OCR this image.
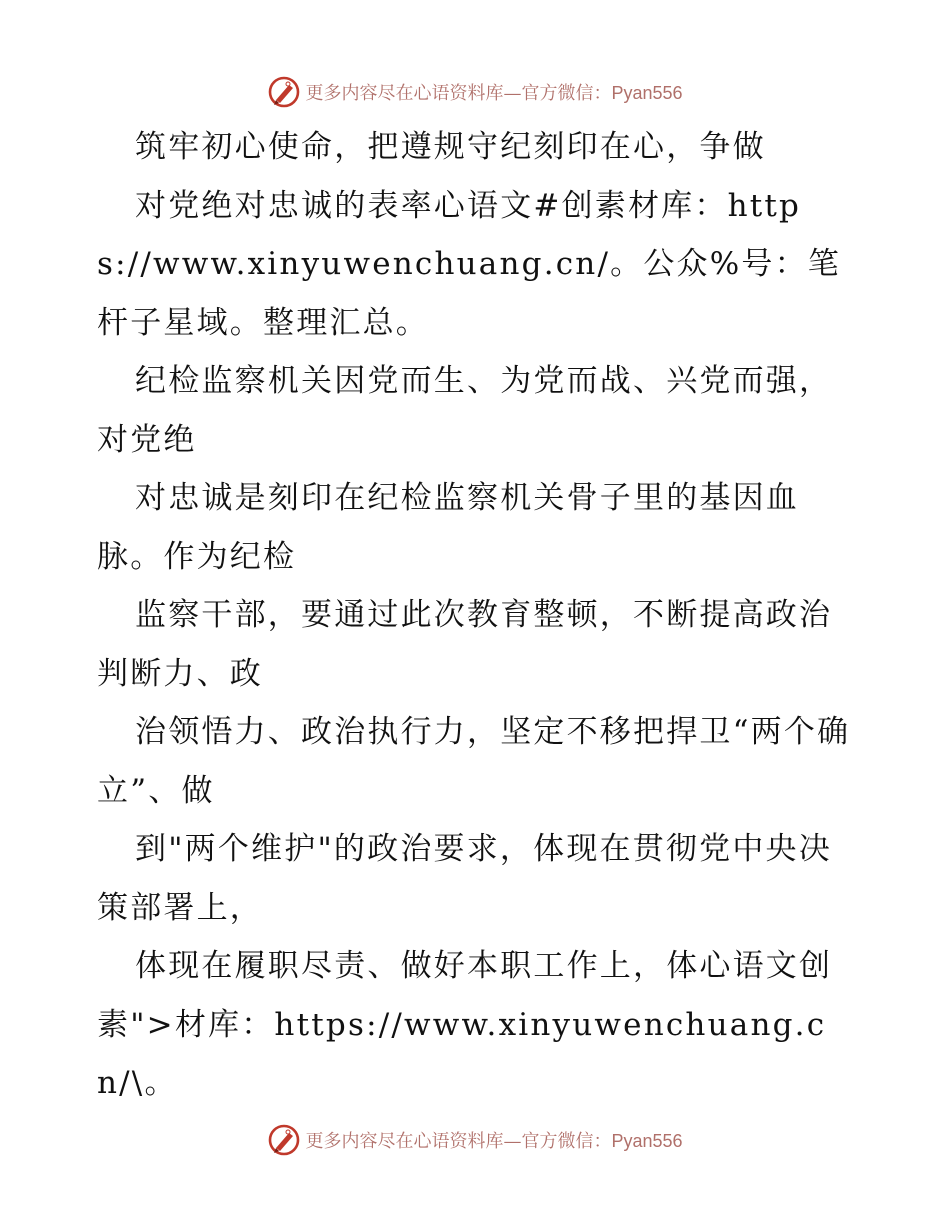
更多内容尽在心语资料库—官方微信：Pyan556

筑牢初心使命，把遵规守纪刻印在心，争做

对党绝对忠诚的表率心语文#创素材库：https://www.xinyuwenchuang.cn/。公众%号：笔杆子星域。整理汇总。

纪检监察机关因党而生、为党而战、兴党而强，对党绝

对忠诚是刻印在纪检监察机关骨子里的基因血脉。作为纪检

监察干部，要通过此次教育整顿，不断提高政治判断力、政

治领悟力、政治执行力，坚定不移把捍卫“两个确立”、做

到"两个维护"的政治要求，体现在贯彻党中央决策部署上，

体现在履职尽责、做好本职工作上，体心语文创素">材库：https://www.xinyuwenchuang.cn/\。

更多内容尽在心语资料库—官方微信：Pyan556
